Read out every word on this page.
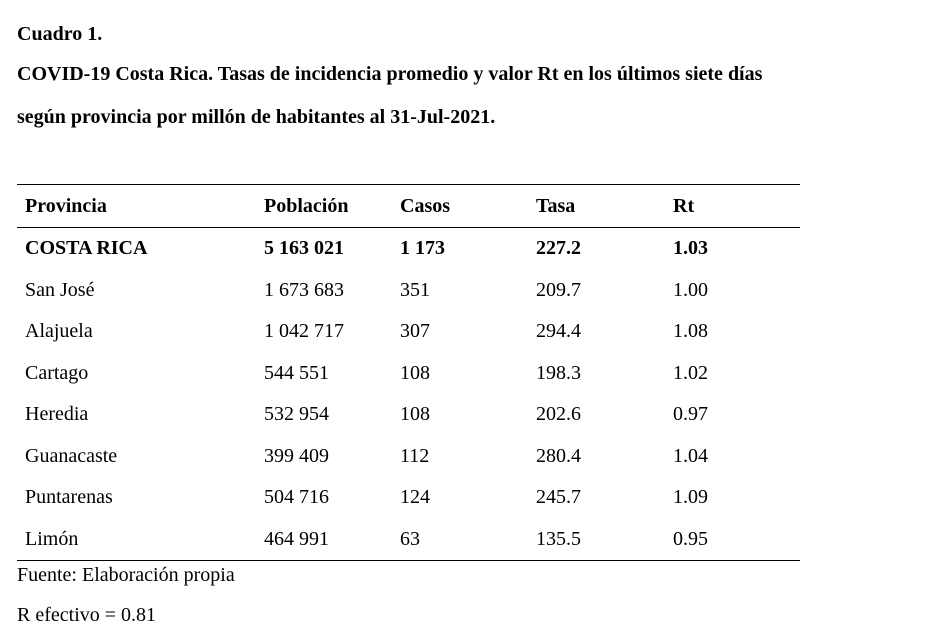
Cuadro 1.
COVID-19 Costa Rica. Tasas de incidencia promedio y valor Rt en los últimos siete días
según provincia por millón de habitantes al 31-Jul-2021.
Provincia	Población	Casos	Tasa	Rt
COSTA RICA	5 163 021	1 173	227.2	1.03
San José	1 673 683	351	209.7	1.00
Alajuela	1 042 717	307	294.4	1.08
Cartago	544 551	108	198.3	1.02
Heredia	532 954	108	202.6	0.97
Guanacaste	399 409	112	280.4	1.04
Puntarenas	504 716	124	245.7	1.09
Limón	464 991	63	135.5	0.95
Fuente: Elaboración propia
R efectivo = 0.81
